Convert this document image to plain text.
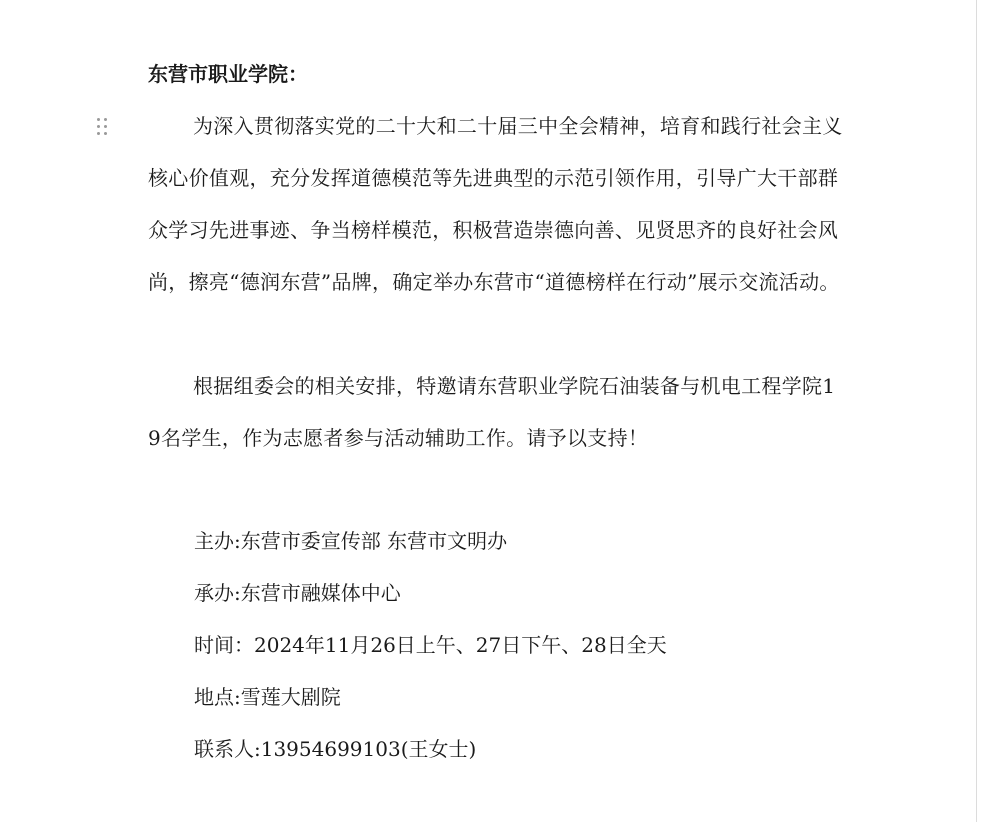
东营市职业学院：

为深入贯彻落实党的二十大和二十届三中全会精神，培育和践行社会主义核心价值观，充分发挥道德模范等先进典型的示范引领作用，引导广大干部群众学习先进事迹、争当榜样模范，积极营造崇德向善、见贤思齐的良好社会风尚，擦亮“德润东营”品牌，确定举办东营市“道德榜样在行动”展示交流活动。

根据组委会的相关安排，特邀请东营职业学院石油装备与机电工程学院19名学生，作为志愿者参与活动辅助工作。请予以支持！

主办:东营市委宣传部 东营市文明办
承办:东营市融媒体中心
时间：2024年11月26日上午、27日下午、28日全天
地点:雪莲大剧院
联系人:13954699103(王女士)
